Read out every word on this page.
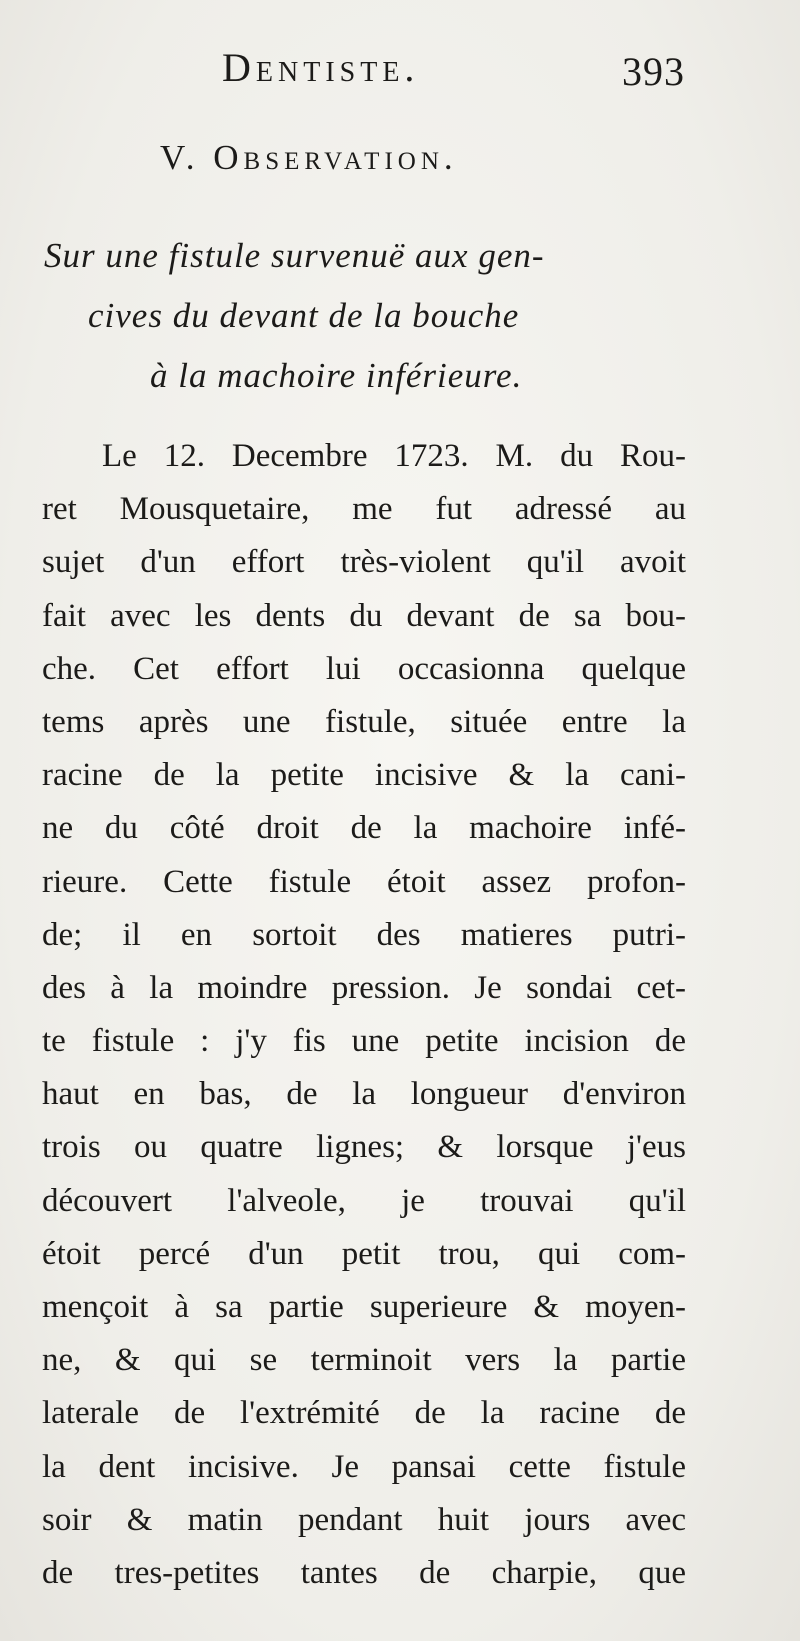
Dentiste.	393
V. Observation.
Sur une fistule survenuë aux gen-
cives du devant de la bouche
à la machoire inférieure.
Le 12. Decembre 1723. M. du Rou-
ret Mousquetaire, me fut adressé au
sujet d'un effort très-violent qu'il avoit
fait avec les dents du devant de sa bou-
che. Cet effort lui occasionna quelque
tems après une fistule, située entre la
racine de la petite incisive & la cani-
ne du côté droit de la machoire infé-
rieure. Cette fistule étoit assez profon-
de; il en sortoit des matieres putri-
des à la moindre pression. Je sondai cet-
te fistule : j'y fis une petite incision de
haut en bas, de la longueur d'environ
trois ou quatre lignes; & lorsque j'eus
découvert l'alveole, je trouvai qu'il
étoit percé d'un petit trou, qui com-
mençoit à sa partie superieure & moyen-
ne, & qui se terminoit vers la partie
laterale de l'extrémité de la racine de
la dent incisive. Je pansai cette fistule
soir & matin pendant huit jours avec
de tres-petites tantes de charpie, que
